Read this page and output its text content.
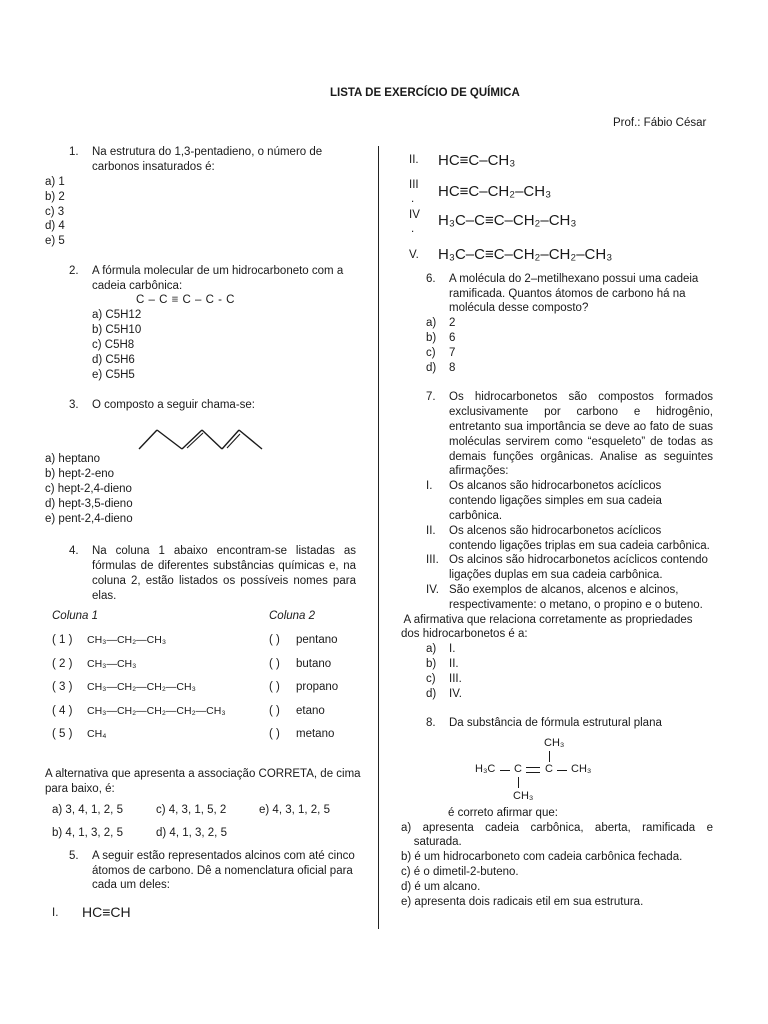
LISTA DE EXERCÍCIO DE QUÍMICA
Prof.: Fábio César
1. Na estrutura do 1,3-pentadieno, o número de
carbonos insaturados é:
a) 1
b) 2
c) 3
d) 4
e) 5
2. A fórmula molecular de um hidrocarboneto com a
cadeia carbônica:
C – C ≡ C – C - C
a) C5H12
b) C5H10
c) C5H8
d) C5H6
e) C5H5
3. O composto a seguir chama-se:
a) heptano
b) hept-2-eno
c) hept-2,4-dieno
d) hept-3,5-dieno
e) pent-2,4-dieno
4. Na coluna 1 abaixo encontram-se listadas as
fórmulas de diferentes substâncias químicas e, na
coluna 2, estão listados os possíveis nomes para
elas.
Coluna 1	Coluna 2
( 1 ) CH₃—CH₂—CH₃	( ) pentano
( 2 ) CH₃—CH₃	( ) butano
( 3 ) CH₃—CH₂—CH₂—CH₃	( ) propano
( 4 ) CH₃—CH₂—CH₂—CH₂—CH₃	( ) etano
( 5 ) CH₄	( ) metano
A alternativa que apresenta a associação CORRETA, de cima
para baixo, é:
a) 3, 4, 1, 2, 5	c) 4, 3, 1, 5, 2	e) 4, 3, 1, 2, 5
b) 4, 1, 3, 2, 5	d) 4, 1, 3, 2, 5
5. A seguir estão representados alcinos com até cinco
átomos de carbono. Dê a nomenclatura oficial para
cada um deles:
I. HC≡CH
II. HC≡C–CH₃
III
. HC≡C–CH₂–CH₃
IV
. H₃C–C≡C–CH₂–CH₃
V. H₃C–C≡C–CH₂–CH₂–CH₃
6. A molécula do 2–metilhexano possui uma cadeia
ramificada. Quantos átomos de carbono há na
molécula desse composto?
a) 2
b) 6
c) 7
d) 8
7. Os hidrocarbonetos são compostos formados
exclusivamente por carbono e hidrogênio,
entretanto sua importância se deve ao fato de suas
moléculas servirem como “esqueleto” de todas as
demais funções orgânicas. Analise as seguintes
afirmações:
I. Os alcanos são hidrocarbonetos acíclicos
contendo ligações simples em sua cadeia
carbônica.
II. Os alcenos são hidrocarbonetos acíclicos
contendo ligações triplas em sua cadeia carbônica.
III. Os alcinos são hidrocarbonetos acíclicos contendo
ligações duplas em sua cadeia carbônica.
IV. São exemplos de alcanos, alcenos e alcinos,
respectivamente: o metano, o propino e o buteno.
A afirmativa que relaciona corretamente as propriedades
dos hidrocarbonetos é a:
a) I.
b) II.
c) III.
d) IV.
8. Da substância de fórmula estrutural plana
CH₃
H₃C C C CH₃
CH₃
é correto afirmar que:
a) apresenta cadeia carbônica, aberta, ramificada e
saturada.
b) é um hidrocarboneto com cadeia carbônica fechada.
c) é o dimetil-2-buteno.
d) é um alcano.
e) apresenta dois radicais etil em sua estrutura.
